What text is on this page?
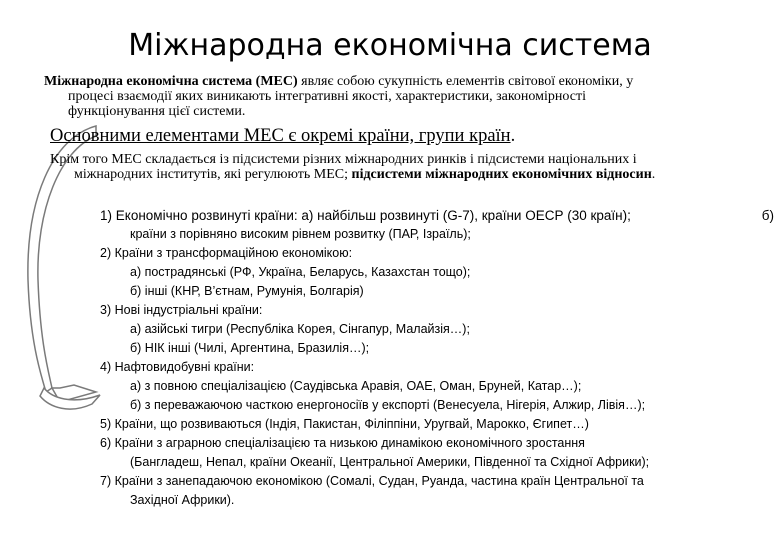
Міжнародна економічна система
Міжнародна економічна система (МЕС) являє собою сукупність елементів світової економіки, у
процесі взаємодії яких виникають інтегративні якості, характеристики, закономірності
функціонування цієї системи.
Основними елементами МЕС є окремі країни, групи країн.
Крім того МЕС складається із підсистеми різних міжнародних ринків і підсистеми національних і
міжнародних інститутів, які регулюють МЕС; підсистеми міжнародних економічних відносин.
1) Економічно розвинуті країни: а) найбільш розвинуті (G-7), країни ОЕСР (30 країн);	б)
країни з порівняно високим рівнем розвитку (ПАР, Ізраїль);
2) Країни з трансформаційною економікою:
а) пострадянські (РФ, Україна, Беларусь, Казахстан тощо);
б) інші (КНР, В’єтнам, Румунія, Болгарія)
3) Нові індустріальні країни:
а) азійські тигри (Республіка Корея, Сінгапур, Малайзія…);
б) НІК інші (Чилі, Аргентина, Бразилія…);
4) Нафтовидобувні країни:
а) з повною спеціалізацією (Саудівська Аравія, ОАЕ, Оман, Бруней, Катар…);
б) з переважаючою часткою енергоносіїв у експорті (Венесуела, Нігерія, Алжир, Лівія…);
5) Країни, що розвиваються (Індія, Пакистан, Філіппіни, Уругвай, Марокко, Єгипет…)
6) Країни з аграрною спеціалізацією та низькою динамікою економічного зростання
(Бангладеш, Непал, країни Океанії, Центральної Америки, Південної та Східної Африки);
7) Країни з занепадаючою економікою (Сомалі, Судан, Руанда, частина країн Центральної та
Західної Африки).
